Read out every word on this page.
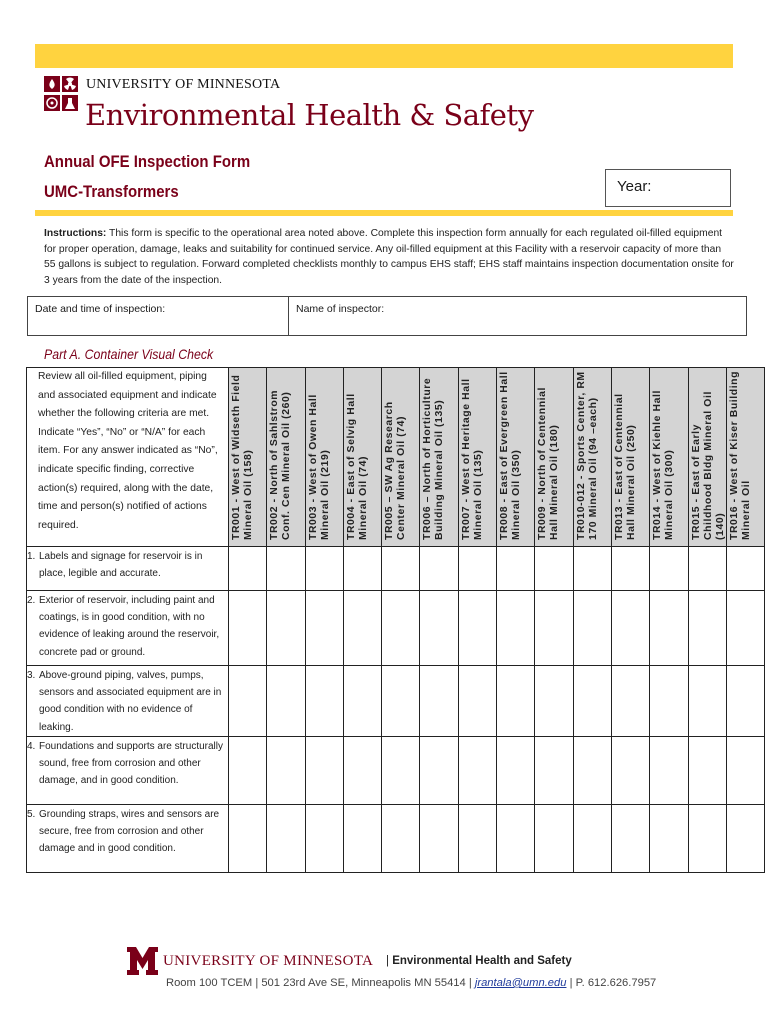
UNIVERSITY OF MINNESOTA
Environmental Health & Safety
Annual OFE Inspection Form
UMC-Transformers	Year:
Instructions: This form is specific to the operational area noted above. Complete this inspection form annually for each regulated oil-filled equipment for proper operation, damage, leaks and suitability for continued service. Any oil-filled equipment at this Facility with a reservoir capacity of more than 55 gallons is subject to regulation. Forward completed checklists monthly to campus EHS staff; EHS staff maintains inspection documentation onsite for 3 years from the date of the inspection.
Date and time of inspection:	Name of inspector:
Part A. Container Visual Check
Review all oil-filled equipment, piping and associated equipment and indicate whether the following criteria are met. Indicate “Yes”, “No” or “N/A” for each item. For any answer indicated as “No”, indicate specific finding, corrective action(s) required, along with the date, time and person(s) notified of actions required.	TR001 - West of Widseth Field Mineral Oil (158)	TR002 - North of Sahlstrom Conf. Cen Mineral Oil (260)	TR003 - West of Owen Hall Mineral Oil (219)	TR004 - East of Selvig Hall Mineral Oil (74)	TR005 – SW Ag Research Center Mineral Oil (74)	TR006 – North of Horticulture Building Mineral Oil (135)	TR007 - West of Heritage Hall Mineral Oil (135)	TR008 - East of Evergreen Hall Mineral Oil (350)	TR009 - North of Centennial Hall Mineral Oil (180)	TR010-012 - Sports Center, RM 170 Mineral Oil (94 –each)	TR013 - East of Centennial Hall Mineral Oil (250)	TR014 - West of Kiehle Hall Mineral Oil (300)	TR015 - East of Early Childhood Bldg Mineral Oil (140)	TR016 - West of Kiser Building Mineral Oil

1. Labels and signage for reservoir is in place, legible and accurate.														

2. Exterior of reservoir, including paint and coatings, is in good condition, with no evidence of leaking around the reservoir, concrete pad or ground.														

3. Above-ground piping, valves, pumps, sensors and associated equipment are in good condition with no evidence of leaking.														

4. Foundations and supports are structurally sound, free from corrosion and other damage, and in good condition.														

5. Grounding straps, wires and sensors are secure, free from corrosion and other damage and in good condition.														

UNIVERSITY OF MINNESOTA | Environmental Health and Safety
Room 100 TCEM | 501 23rd Ave SE, Minneapolis MN 55414 | jrantala@umn.edu | P. 612.626.7957
